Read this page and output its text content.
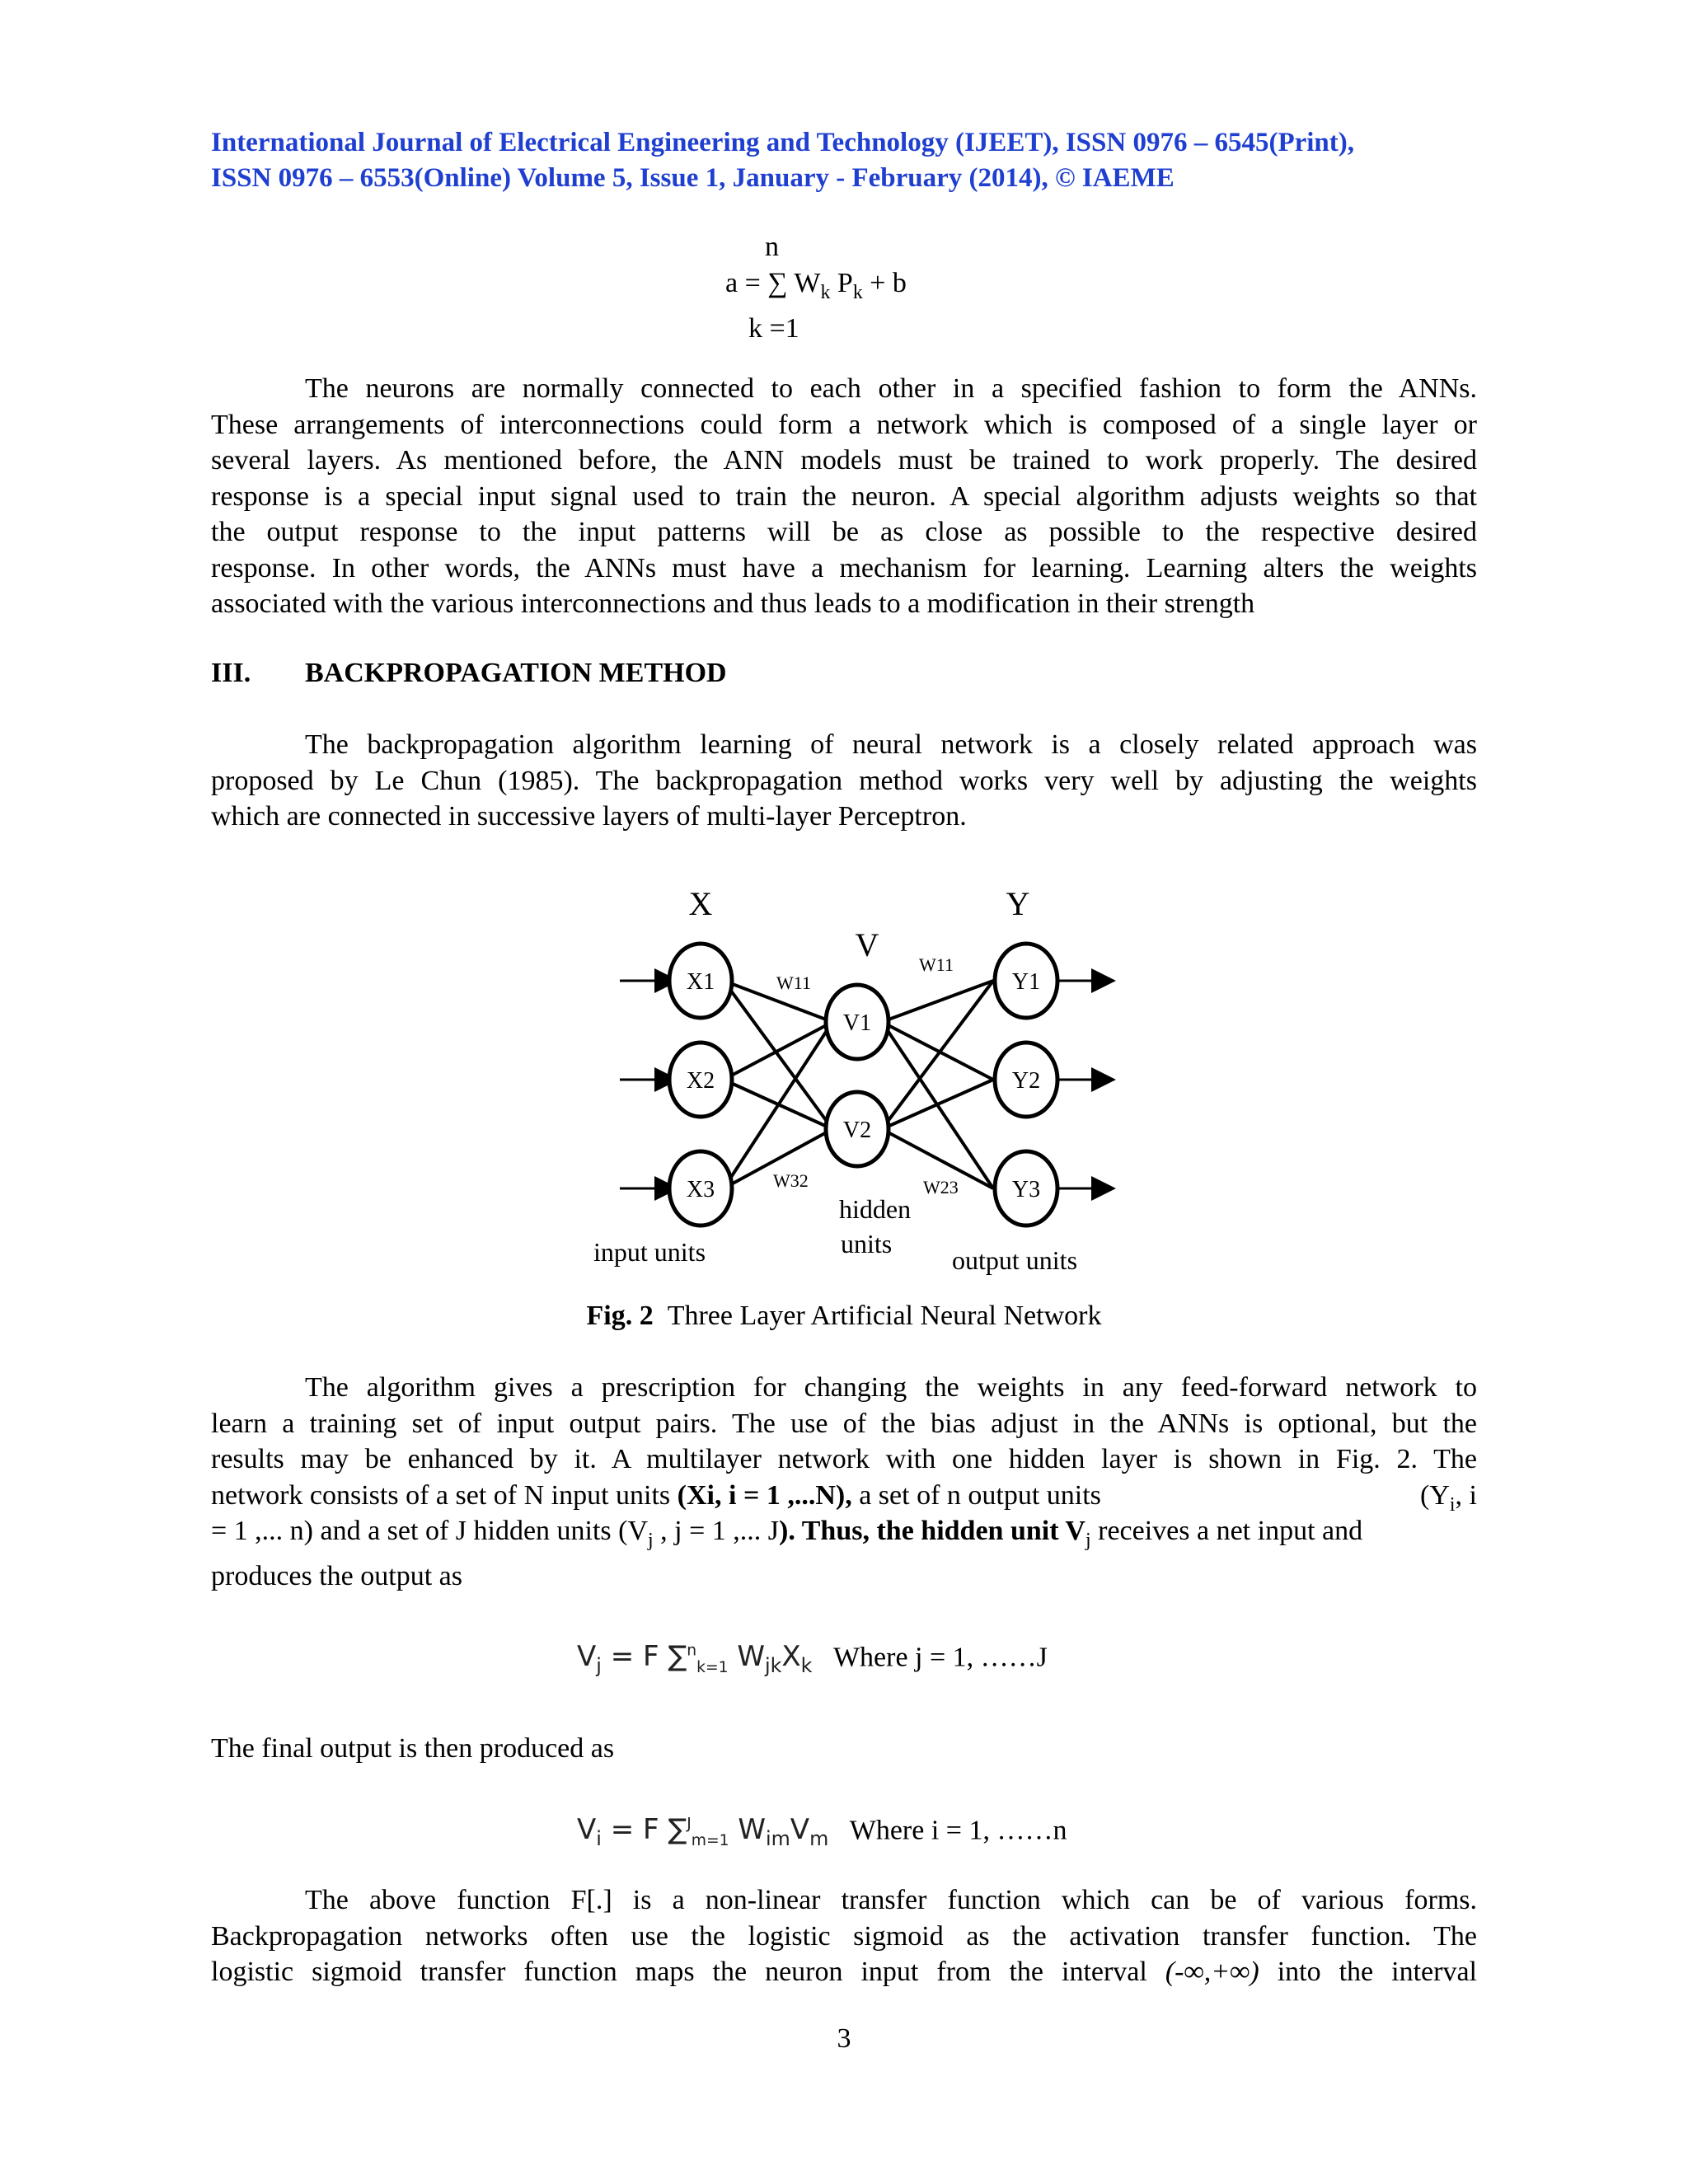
International Journal of Electrical Engineering and Technology (IJEET), ISSN 0976 – 6545(Print),
ISSN 0976 – 6553(Online) Volume 5, Issue 1, January - February (2014), © IAEME
n
a = ∑ $W_k$ $P_k + b$
k =1
The neurons are normally connected to each other in a specified fashion to form the ANNs.
These arrangements of interconnections could form a network which is composed of a single layer or
several layers. As mentioned before, the ANN models must be trained to work properly. The desired
response is a special input signal used to train the neuron. A special algorithm adjusts weights so that
the output response to the input patterns will be as close as possible to the respective desired
response. In other words, the ANNs must have a mechanism for learning. Learning alters the weights
associated with the various interconnections and thus leads to a modification in their strength
III. BACKPROPAGATION METHOD
The backpropagation algorithm learning of neural network is a closely related approach was
proposed by Le Chun (1985). The backpropagation method works very well by adjusting the weights
which are connected in successive layers of multi-layer Perceptron.
X1
X2
X3
V1
V2
Y1
Y2
Y3
X
V
Y
W11
W32
W11
W23
input units
hidden
units
output units
Fig. 2 Three Layer Artificial Neural Network
The algorithm gives a prescription for changing the weights in any feed-forward network to
learn a training set of input output pairs. The use of the bias adjust in the ANNs is optional, but the
results may be enhanced by it. A multilayer network with one hidden layer is shown in Fig. 2. The
network consists of a set of N input units (Xi, i = 1 ,...N), a set of n output units	($Y_i$, i
= 1 ,... n) and a set of J hidden units ($V_j$ , j = 1 ,... J). Thus, the hidden unit $V_j$ receives a net input and
produces the output as
$V_j = F$ ∑$^n_{k=1}$ $W_{jk}X_k$ Where j = 1, ……J
The final output is then produced as
$V_i = F$ ∑$^J_{m=1}$ $W_{im}V_m$ Where i = 1, ……n
The above function F[.] is a non-linear transfer function which can be of various forms.
Backpropagation networks often use the logistic sigmoid as the activation transfer function. The
logistic sigmoid transfer function maps the neuron input from the interval (-∞,+∞) into the interval
3
